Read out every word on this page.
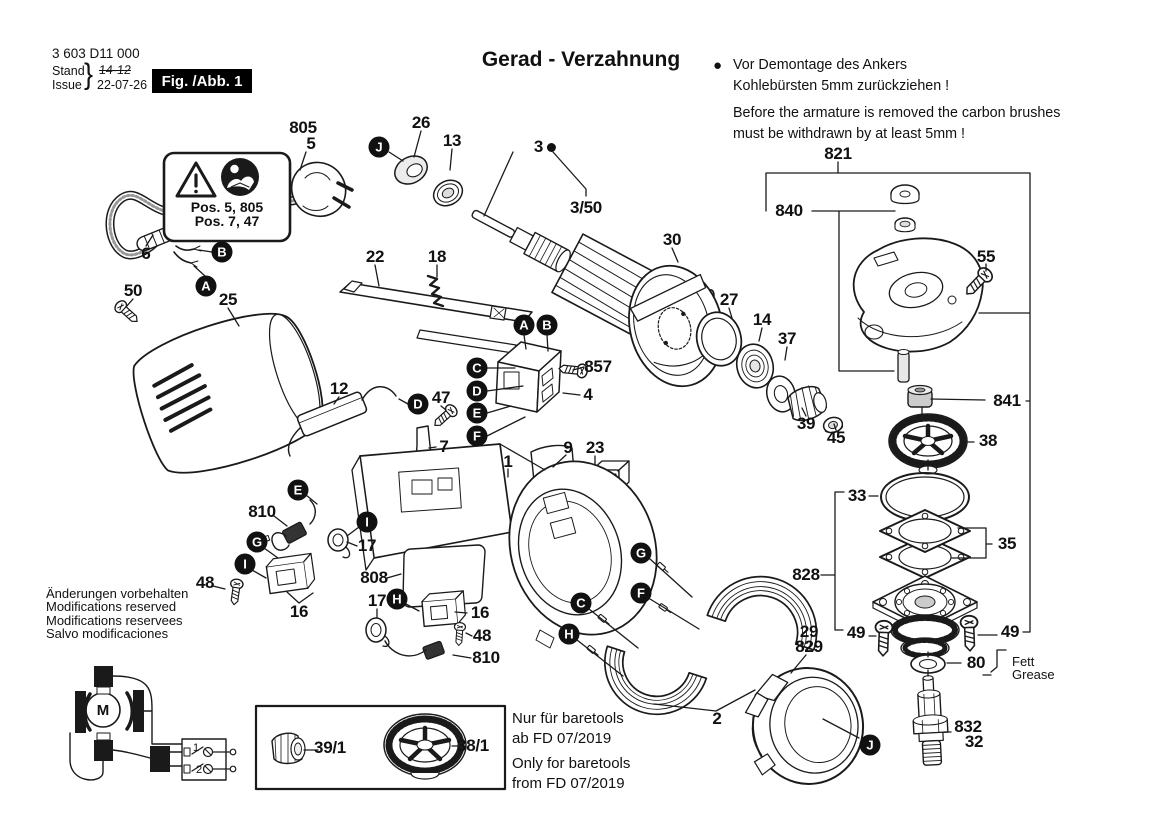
M
1
2
3 603 D11 000
Stand
Issue } 14-12
22-07-26 Fig. /Abb. 1
Gerad - Verzahnung	● Vor Demontage des Ankers
Kohlebürsten 5mm zurückziehen !
Before the armature is removed the carbon brushes
must be withdrawn by at least 5mm !
Pos. 5, 805
Pos. 7, 47
Änderungen vorbehalten
Modifications reserved
Modifications reservees
Salvo modificaciones
Nur für baretools
ab FD 07/2019
Only for baretools
from FD 07/2019
Fett
Grease
805
5
26
13	3
3/50
22	18
30
27
14
37
39
45
6
50	25
12	47
7
857
4
9 23
1
810
17
48
16
808
17
16
48
810
2
821
840
55
841
38
33
35
828
49	49
80
29
829
832
32
39/1	38/1
J
B
A
A	B
C
D
E
F
D
E
I
G
I
H
G
F
C
H
J
